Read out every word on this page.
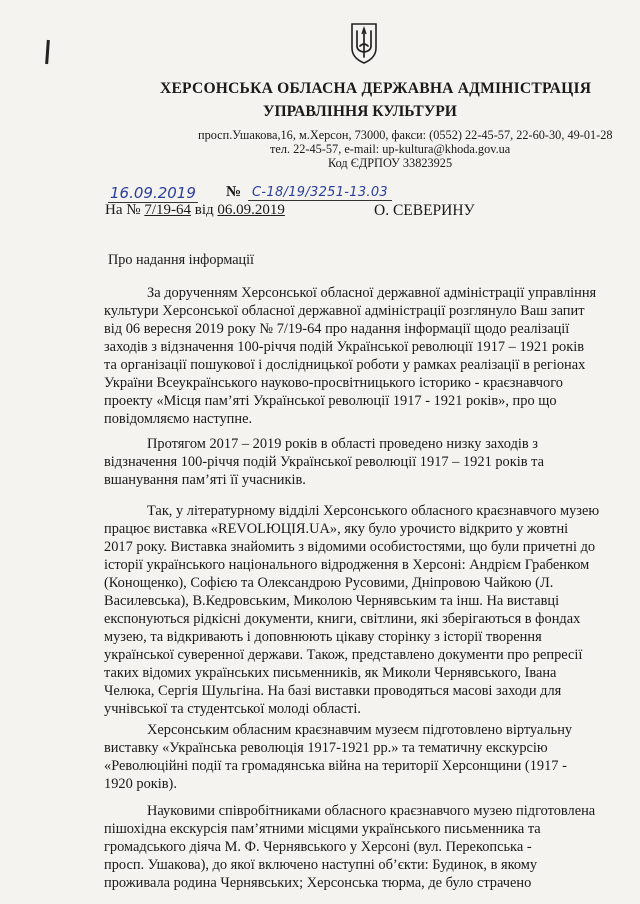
ХЕРСОНСЬКА ОБЛАСНА ДЕРЖАВНА АДМІНІСТРАЦІЯ
УПРАВЛІННЯ КУЛЬТУРИ
просп.Ушакова,16, м.Херсон, 73000, факси: (0552) 22-45-57, 22-60-30, 49-01-28
тел. 22-45-57, e-mail: up-kultura@khoda.gov.ua
Код ЄДРПОУ 33823925
16.09.2019 № С-18/19/3251-13.03
На № 7/19-64 від 06.09.2019	О. СЕВЕРИНУ
Про надання інформації
За дорученням Херсонської обласної державної адміністрації управління
культури Херсонської обласної державної адміністрації розглянуло Ваш запит
від 06 вересня 2019 року № 7/19-64 про надання інформації щодо реалізації
заходів з відзначення 100-річчя подій Української революції 1917 – 1921 років
та організації пошукової і дослідницької роботи у рамках реалізації в регіонах
України Всеукраїнського науково-просвітницького історико - краєзнавчого
проекту «Місця пам’яті Української революції 1917 - 1921 років», про що
повідомляємо наступне.
Протягом 2017 – 2019 років в області проведено низку заходів з
відзначення 100-річчя подій Української революції 1917 – 1921 років та
вшанування пам’яті її учасників.
Так, у літературному відділі Херсонського обласного краєзнавчого музею
працює виставка «REVOLЮЦІЯ.UA», яку було урочисто відкрито у жовтні
2017 року. Виставка знайомить з відомими особистостями, що були причетні до
історії українського національного відродження в Херсоні: Андрієм Грабенком
(Конощенко), Софією та Олександрою Русовими, Дніпровою Чайкою (Л.
Василевська), В.Кедровським, Миколою Чернявським та інш. На виставці
експонуються рідкісні документи, книги, світлини, які зберігаються в фондах
музею, та відкривають і доповнюють цікаву сторінку з історії творення
української суверенної держави. Також, представлено документи про репресії
таких відомих українських письменників, як Миколи Чернявського, Івана
Челюка, Сергія Шульгіна. На базі виставки проводяться масові заходи для
учнівської та студентської молоді області.
Херсонським обласним краєзнавчим музеєм підготовлено віртуальну
виставку «Українська революція 1917-1921 рр.» та тематичну екскурсію
«Революційні події та громадянська війна на території Херсонщини (1917 -
1920 років).
Науковими співробітниками обласного краєзнавчого музею підготовлена
пішохідна екскурсія пам’ятними місцями українського письменника та
громадського діяча М. Ф. Чернявського у Херсоні (вул. Перекопська -
просп. Ушакова), до якої включено наступні об’єкти: Будинок, в якому
проживала родина Чернявських; Херсонська тюрма, де було страчено
